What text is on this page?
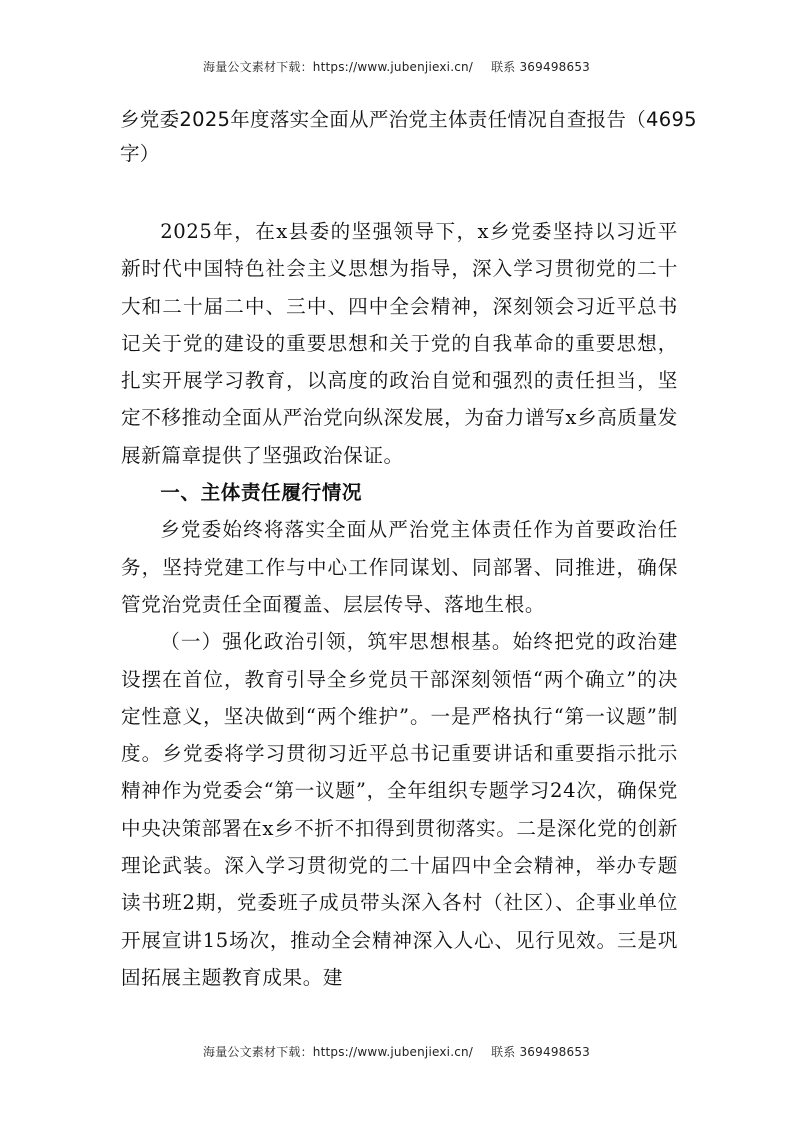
海量公文素材下载：https://www.jubenjiexi.cn/ 联系 369498653
乡党委2025年度落实全面从严治党主体责任情况自查报告（4695字）

2025年，在x县委的坚强领导下，x乡党委坚持以习近平新时代中国特色社会主义思想为指导，深入学习贯彻党的二十大和二十届二中、三中、四中全会精神，深刻领会习近平总书记关于党的建设的重要思想和关于党的自我革命的重要思想，扎实开展学习教育，以高度的政治自觉和强烈的责任担当，坚定不移推动全面从严治党向纵深发展，为奋力谱写x乡高质量发展新篇章提供了坚强政治保证。

一、主体责任履行情况

乡党委始终将落实全面从严治党主体责任作为首要政治任务，坚持党建工作与中心工作同谋划、同部署、同推进，确保管党治党责任全面覆盖、层层传导、落地生根。

（一）强化政治引领，筑牢思想根基。始终把党的政治建设摆在首位，教育引导全乡党员干部深刻领悟“两个确立”的决定性意义，坚决做到“两个维护”。一是严格执行“第一议题”制度。乡党委将学习贯彻习近平总书记重要讲话和重要指示批示精神作为党委会“第一议题”，全年组织专题学习24次，确保党中央决策部署在x乡不折不扣得到贯彻落实。二是深化党的创新理论武装。深入学习贯彻党的二十届四中全会精神，举办专题读书班2期，党委班子成员带头深入各村（社区）、企事业单位开展宣讲15场次，推动全会精神深入人心、见行见效。三是巩固拓展主题教育成果。建

海量公文素材下载：https://www.jubenjiexi.cn/ 联系 369498653
